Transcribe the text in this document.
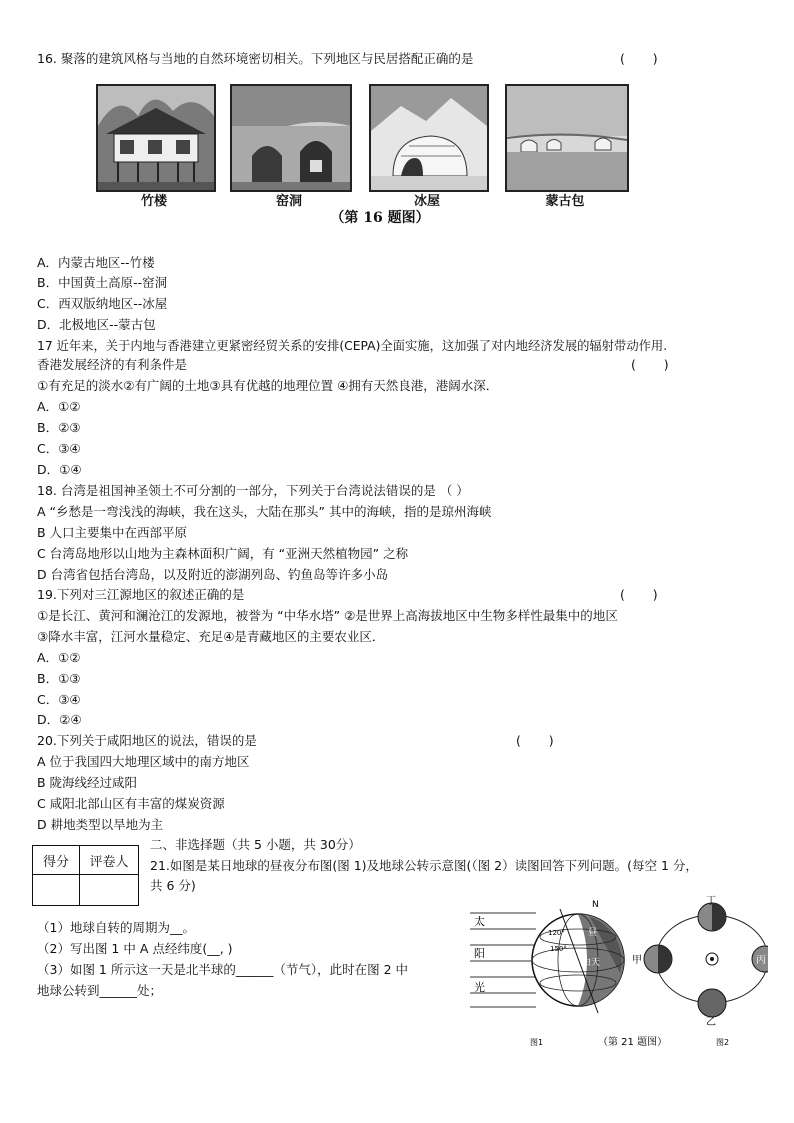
16. 聚落的建筑风格与当地的自然环境密切相关。下列地区与民居搭配正确的是	(       )
竹楼	窑洞	冰屋	蒙古包
（第 16 题图）
A．内蒙古地区--竹楼
B．中国黄土高原--窑洞
C．西双版纳地区--冰屋
D．北极地区--蒙古包
17 近年来，关于内地与香港建立更紧密经贸关系的安排(CEPA)全面实施，这加强了对内地经济发展的辐射带动作用.
香港发展经济的有利条件是	(       )
①有充足的淡水②有广阔的土地③具有优越的地理位置 ④拥有天然良港，港阔水深．
A．①②
B．②③
C．③④
D．①④
18. 台湾是祖国神圣领土不可分割的一部分，下列关于台湾说法错误的是 （ ）
A “乡愁是一弯浅浅的海峡，我在这头，大陆在那头” 其中的海峡，指的是琼州海峡
B 人口主要集中在西部平原
C 台湾岛地形以山地为主森林面积广阔，有 “亚洲天然植物园” 之称
D 台湾省包括台湾岛，以及附近的澎湖列岛、钓鱼岛等许多小岛
19.下列对三江源地区的叙述正确的是	(       )
①是长江、黄河和澜沧江的发源地，被誉为 “中华水塔” ②是世界上高海拔地区中生物多样性最集中的地区
③降水丰富，江河水量稳定、充足④是青藏地区的主要农业区．
A．①②
B．①③
C．③④
D．②④
20.下列关于咸阳地区的说法，错误的是	(       )
A 位于我国四大地理区域中的南方地区
B 陇海线经过咸阳
C 咸阳北部山区有丰富的煤炭资源
D 耕地类型以旱地为主
得分	评卷人

二、非选择题（共 5 小题，共 30分）
21.如图是某日地球的昼夜分布图(图 1)及地球公转示意图(（图 2）读图回答下列问题。(每空 1 分，
共 6 分)
（1）地球自转的周期为__。
（2）写出图 1 中 A 点经纬度(__, )
（3）如图 1 所示这一天是北半球的______（节气），此时在图 2 中
地球公转到______处；
太
阳
光
N
120°
150°
昼
白天
丁
甲	丙
乙
图1	（第 21 题图）	图2
